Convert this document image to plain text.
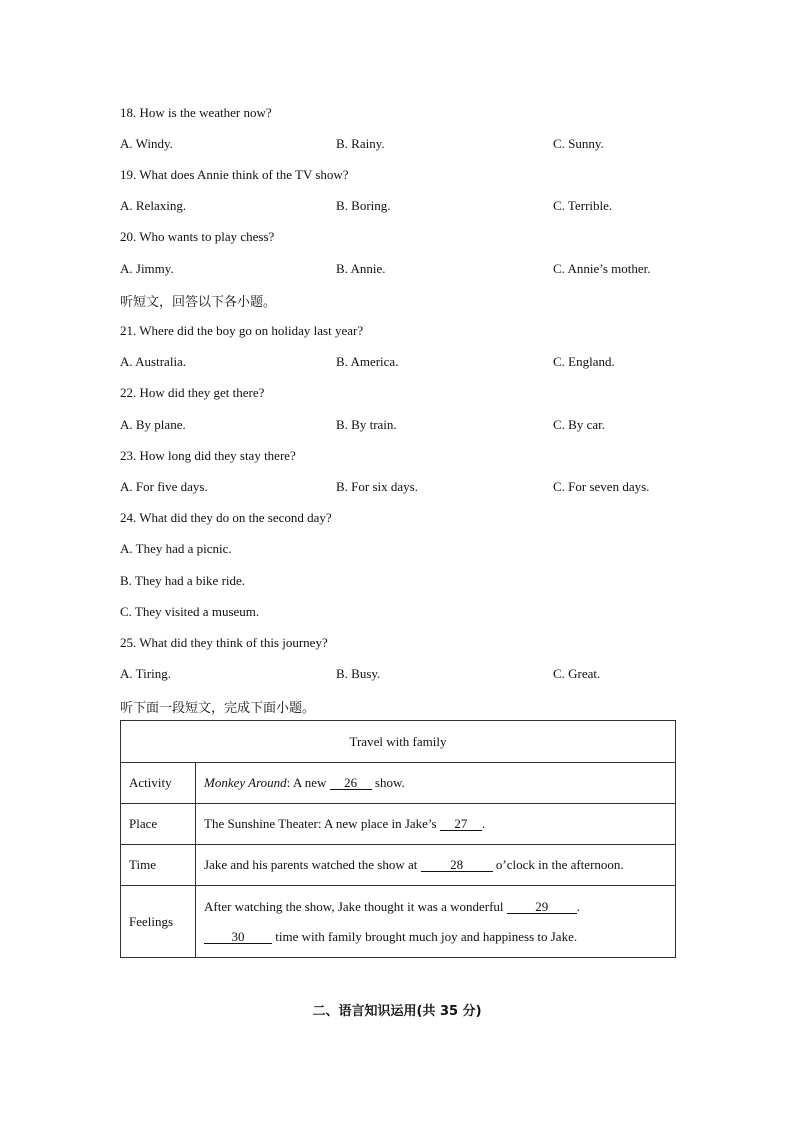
18. How is the weather now?
A. Windy.	B. Rainy.	C. Sunny.
19. What does Annie think of the TV show?
A. Relaxing.	B. Boring.	C. Terrible.
20. Who wants to play chess?
A. Jimmy.	B. Annie.	C. Annie’s mother.
听短文，回答以下各小题。
21. Where did the boy go on holiday last year?
A. Australia.	B. America.	C. England.
22. How did they get there?
A. By plane.	B. By train.	C. By car.
23. How long did they stay there?
A. For five days.	B. For six days.	C. For seven days.
24. What did they do on the second day?
A. They had a picnic.
B. They had a bike ride.
C. They visited a museum.
25. What did they think of this journey?
A. Tiring.	B. Busy.	C. Great.
听下面一段短文，完成下面小题。
Travel with family	
Activity	Monkey Around: A new 26 show.
Place	The Sunshine Theater: A new place in Jake’s 27 .
Time	Jake and his parents watched the show at 28 o’clock in the afternoon.
Feelings	After watching the show, Jake thought it was a wonderful 29 .
30 time with family brought much joy and happiness to Jake.
二、语言知识运用(共 35 分)
